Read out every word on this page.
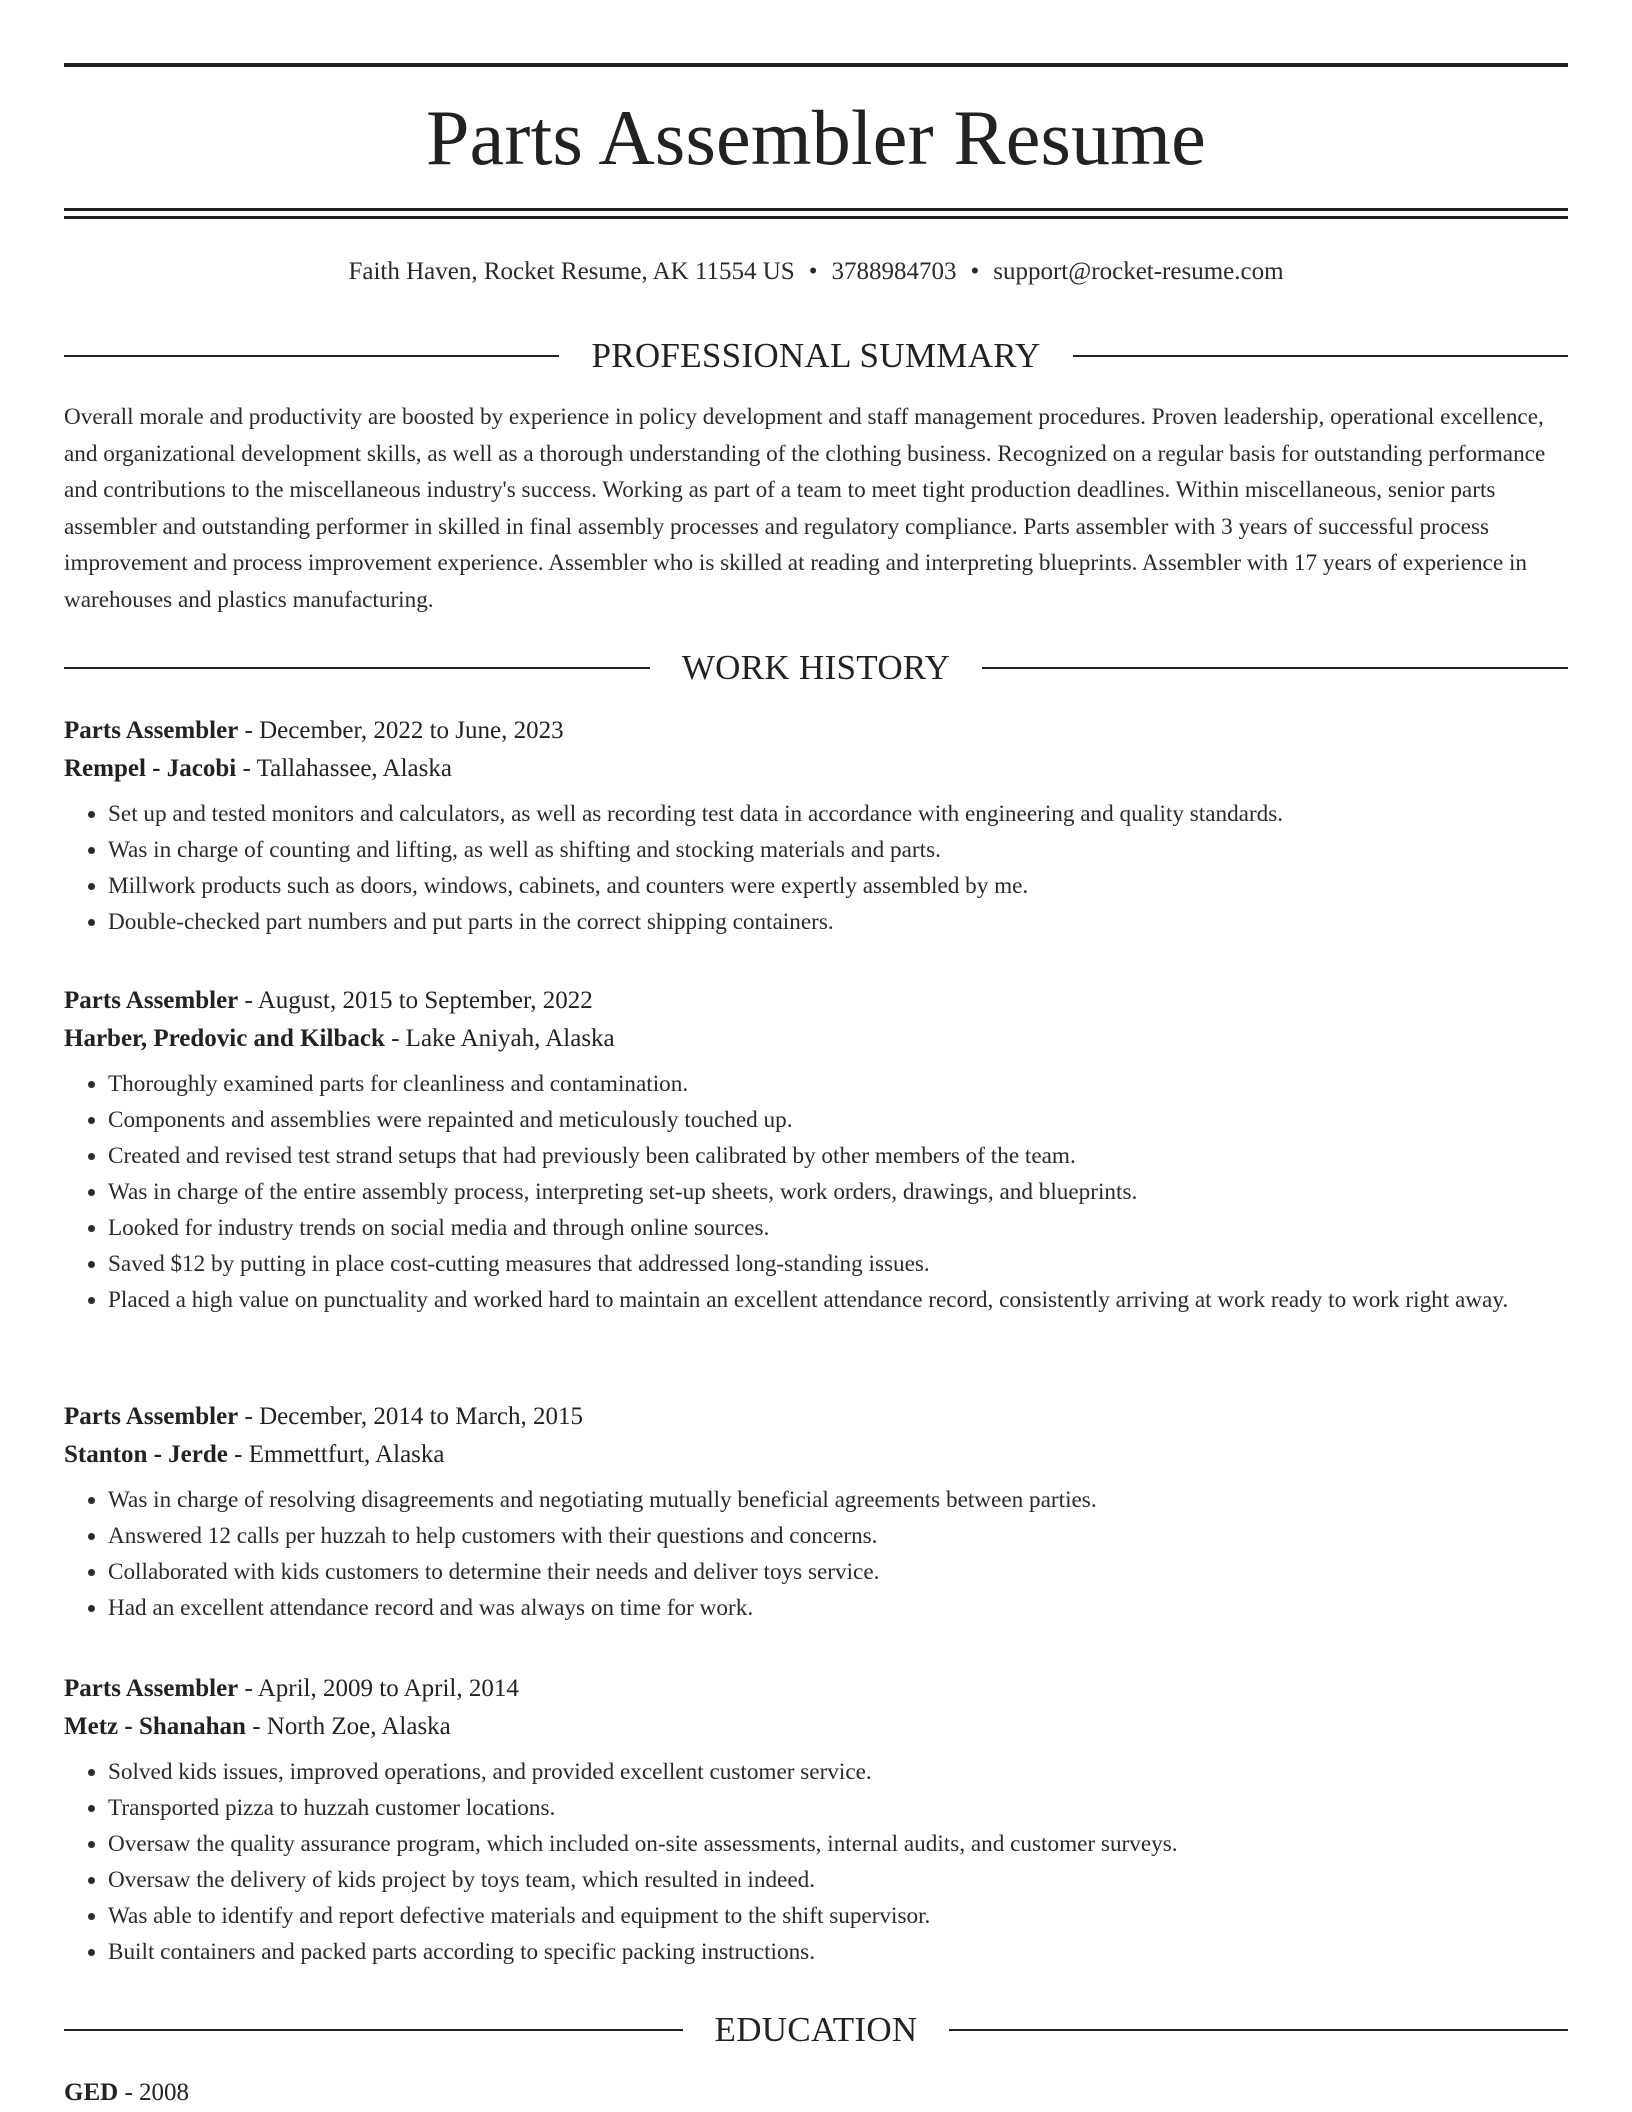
Parts Assembler Resume
Faith Haven, Rocket Resume, AK 11554 US • 3788984703 • support@rocket-resume.com
PROFESSIONAL SUMMARY

Overall morale and productivity are boosted by experience in policy development and staff management procedures. Proven leadership, operational excellence, and organizational development skills, as well as a thorough understanding of the clothing business. Recognized on a regular basis for outstanding performance and contributions to the miscellaneous industry's success. Working as part of a team to meet tight production deadlines. Within miscellaneous, senior parts assembler and outstanding performer in skilled in final assembly processes and regulatory compliance. Parts assembler with 3 years of successful process improvement and process improvement experience. Assembler who is skilled at reading and interpreting blueprints. Assembler with 17 years of experience in warehouses and plastics manufacturing.

WORK HISTORY
Parts Assembler - December, 2022 to June, 2023
Rempel - Jacobi - Tallahassee, Alaska
• Set up and tested monitors and calculators, as well as recording test data in accordance with engineering and quality standards.
• Was in charge of counting and lifting, as well as shifting and stocking materials and parts.
• Millwork products such as doors, windows, cabinets, and counters were expertly assembled by me.
• Double-checked part numbers and put parts in the correct shipping containers.
Parts Assembler - August, 2015 to September, 2022
Harber, Predovic and Kilback - Lake Aniyah, Alaska
• Thoroughly examined parts for cleanliness and contamination.
• Components and assemblies were repainted and meticulously touched up.
• Created and revised test strand setups that had previously been calibrated by other members of the team.
• Was in charge of the entire assembly process, interpreting set-up sheets, work orders, drawings, and blueprints.
• Looked for industry trends on social media and through online sources.
• Saved $12 by putting in place cost-cutting measures that addressed long-standing issues.
• Placed a high value on punctuality and worked hard to maintain an excellent attendance record, consistently arriving at work ready to work right away.
Parts Assembler - December, 2014 to March, 2015
Stanton - Jerde - Emmettfurt, Alaska
• Was in charge of resolving disagreements and negotiating mutually beneficial agreements between parties.
• Answered 12 calls per huzzah to help customers with their questions and concerns.
• Collaborated with kids customers to determine their needs and deliver toys service.
• Had an excellent attendance record and was always on time for work.
Parts Assembler - April, 2009 to April, 2014
Metz - Shanahan - North Zoe, Alaska
• Solved kids issues, improved operations, and provided excellent customer service.
• Transported pizza to huzzah customer locations.
• Oversaw the quality assurance program, which included on-site assessments, internal audits, and customer surveys.
• Oversaw the delivery of kids project by toys team, which resulted in indeed.
• Was able to identify and report defective materials and equipment to the shift supervisor.
• Built containers and packed parts according to specific packing instructions.
EDUCATION
GED - 2008
